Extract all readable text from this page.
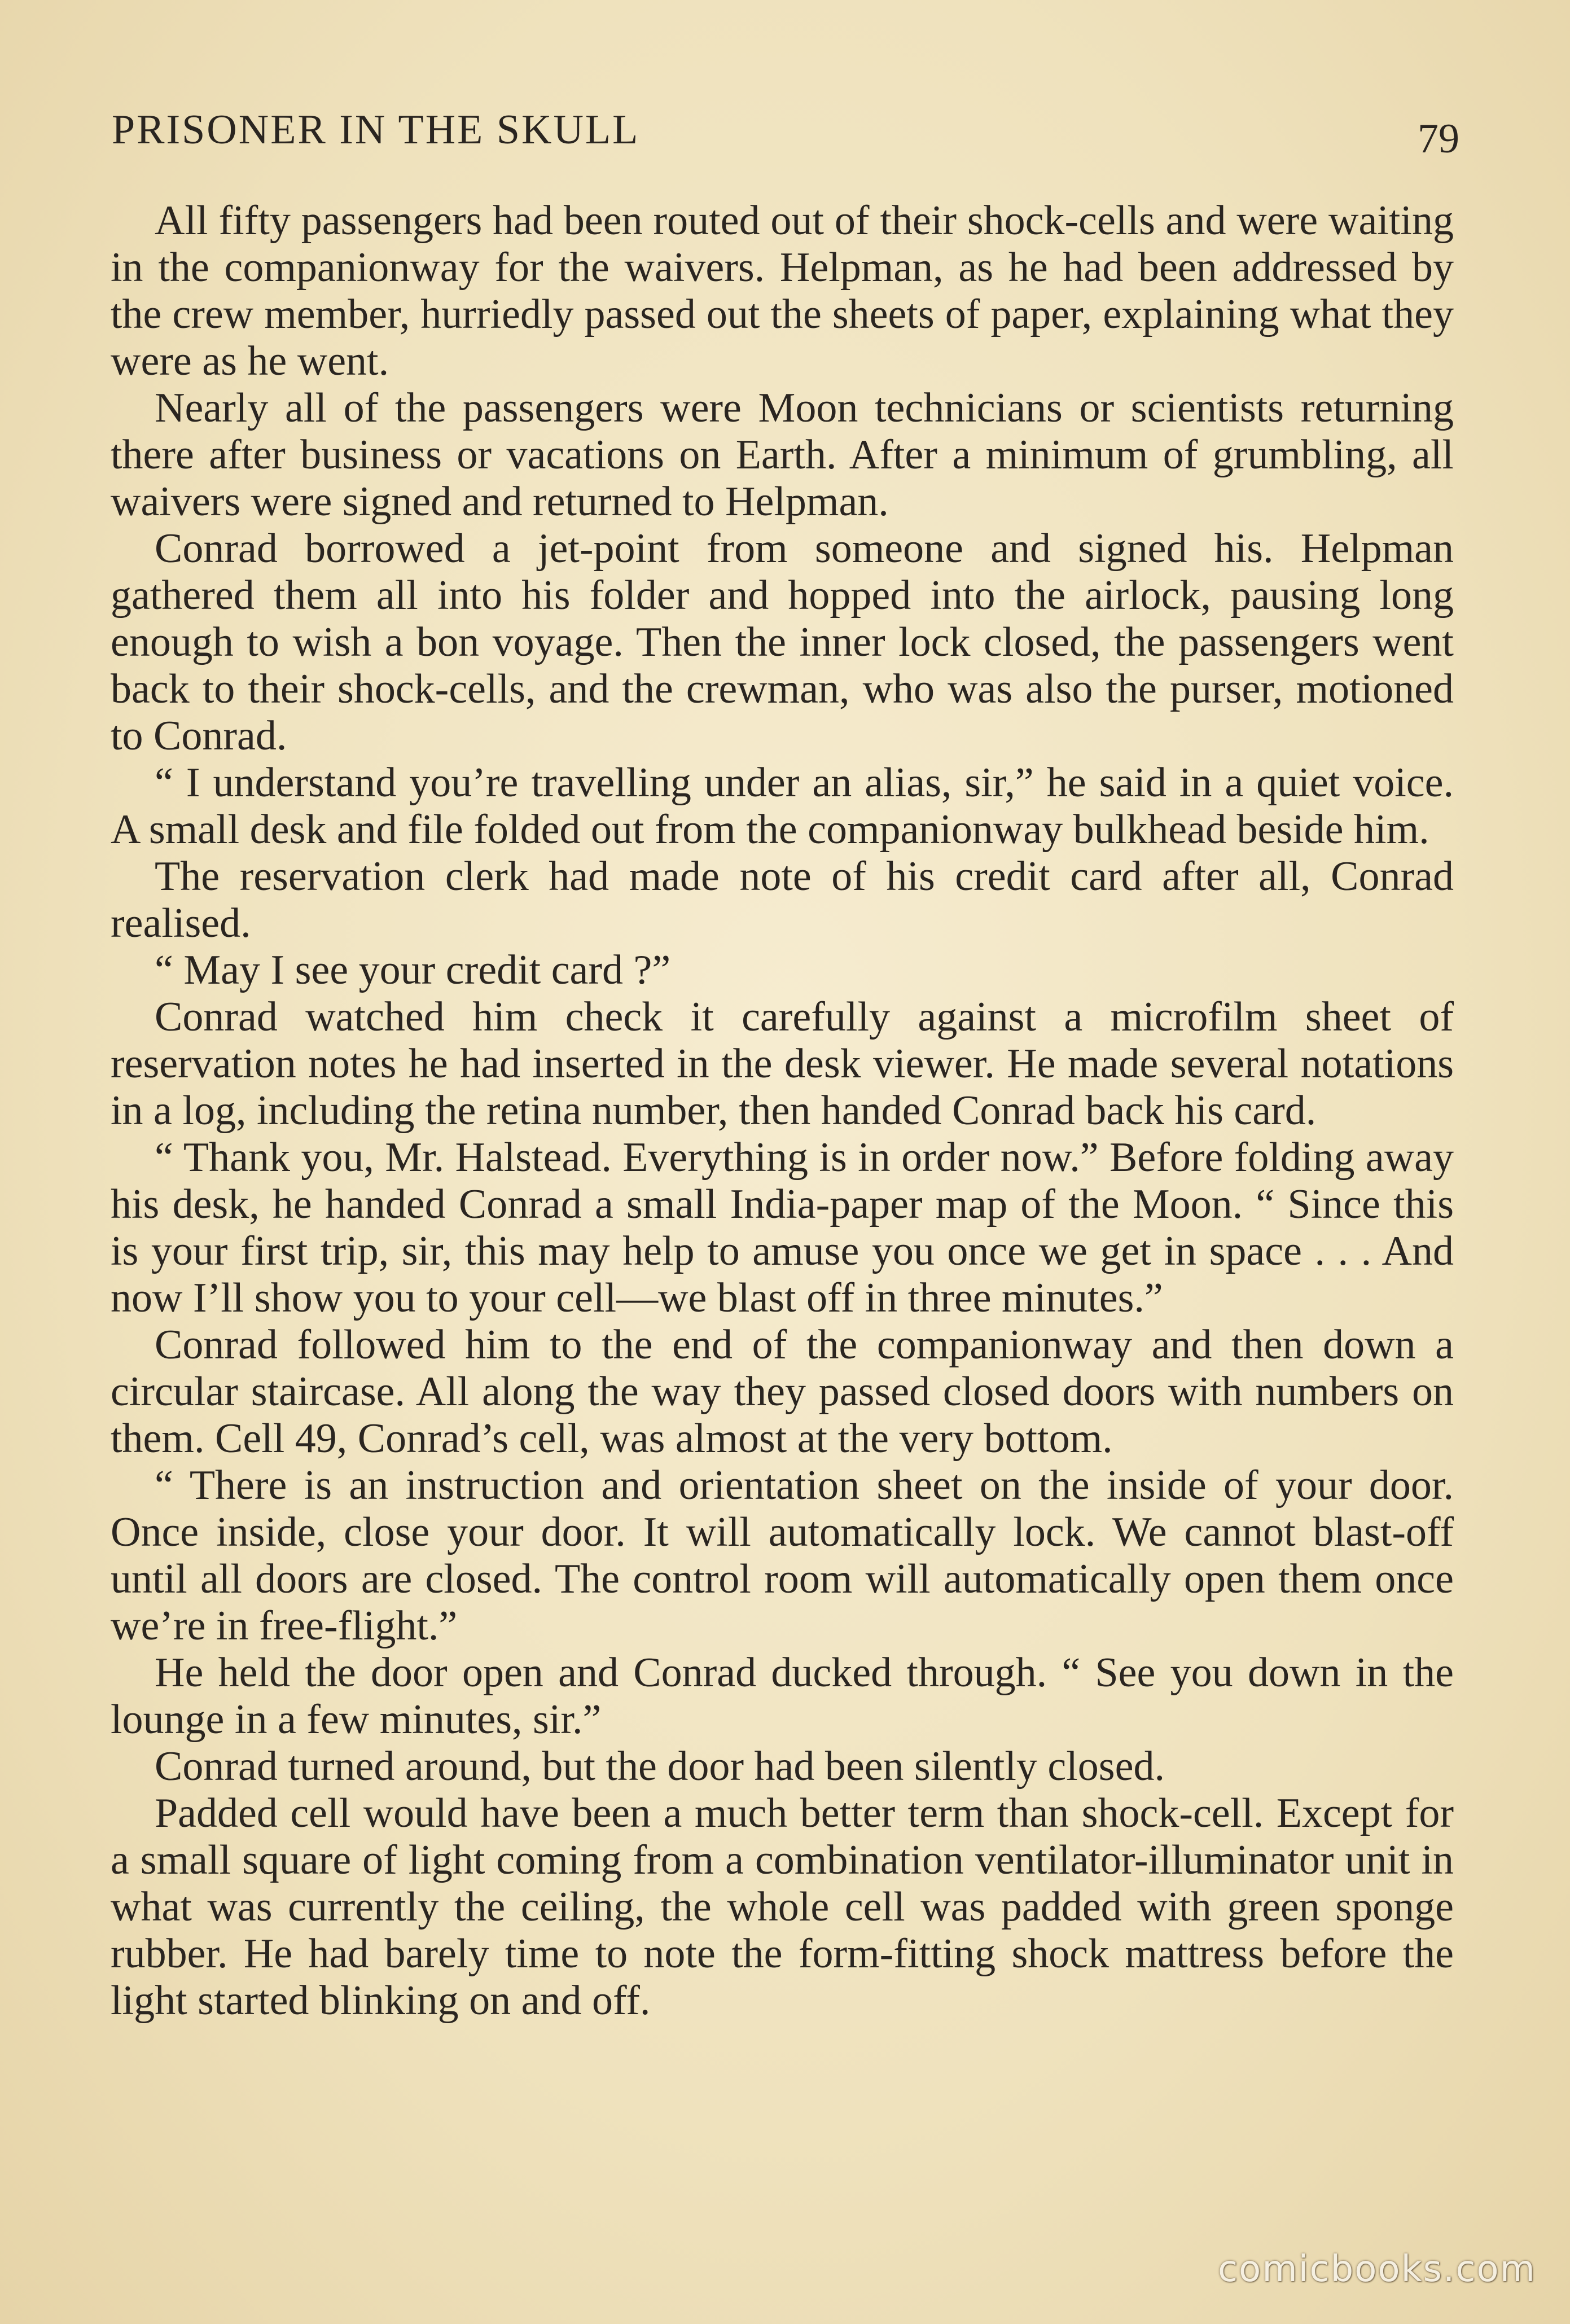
PRISONER IN THE SKULL	79

All fifty passengers had been routed out of their shock-cells and were waiting in the companionway for the waivers. Helpman, as he had been addressed by the crew member, hurriedly passed out the sheets of paper, explaining what they were as he went.

Nearly all of the passengers were Moon technicians or scientists returning there after business or vacations on Earth. After a minimum of grumbling, all waivers were signed and returned to Helpman.

Conrad borrowed a jet-point from someone and signed his. Helpman gathered them all into his folder and hopped into the airlock, pausing long enough to wish a bon voyage. Then the inner lock closed, the passengers went back to their shock-cells, and the crewman, who was also the purser, motioned to Conrad.

“ I understand you’re travelling under an alias, sir,” he said in a quiet voice. A small desk and file folded out from the companionway bulkhead beside him.

The reservation clerk had made note of his credit card after all, Conrad realised.

“ May I see your credit card ?”

Conrad watched him check it carefully against a microfilm sheet of reservation notes he had inserted in the desk viewer. He made several notations in a log, including the retina number, then handed Conrad back his card.

“ Thank you, Mr. Halstead. Everything is in order now.” Before folding away his desk, he handed Conrad a small India-paper map of the Moon. “ Since this is your first trip, sir, this may help to amuse you once we get in space . . . And now I’ll show you to your cell—we blast off in three minutes.”

Conrad followed him to the end of the companionway and then down a circular staircase. All along the way they passed closed doors with numbers on them. Cell 49, Conrad’s cell, was almost at the very bottom.

“ There is an instruction and orientation sheet on the inside of your door. Once inside, close your door. It will automatically lock. We cannot blast-off until all doors are closed. The control room will automatically open them once we’re in free-flight.”

He held the door open and Conrad ducked through. “ See you down in the lounge in a few minutes, sir.”

Conrad turned around, but the door had been silently closed.

Padded cell would have been a much better term than shock-cell. Except for a small square of light coming from a combination ventilator-illuminator unit in what was currently the ceiling, the whole cell was padded with green sponge rubber. He had barely time to note the form-fitting shock mattress before the light started blinking on and off.

comicbooks.com
